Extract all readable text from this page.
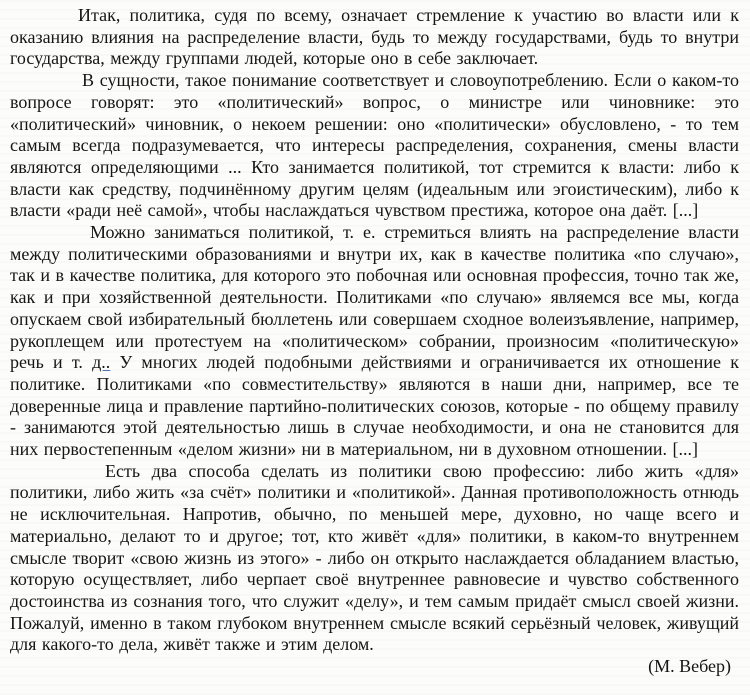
Итак, политика, судя по всему, означает стремление к участию во власти или к оказанию влияния на распределение власти, будь то между государствами, будь то внутри государства, между группами людей, которые оно в себе заключает.

В сущности, такое понимание соответствует и словоупотреблению. Если о каком-то вопросе говорят: это «политический» вопрос, о министре или чиновнике: это «политический» чиновник, о некоем решении: оно «политически» обусловлено, - то тем самым всегда подразумевается, что интересы распределения, сохранения, смены власти являются определяющими ... Кто занимается политикой, тот стремится к власти: либо к власти как средству, подчинённому другим целям (идеальным или эгоистическим), либо к власти «ради неё самой», чтобы наслаждаться чувством престижа, которое она даёт. [...]

Можно заниматься политикой, т. е. стремиться влиять на распределение власти между политическими образованиями и внутри их, как в качестве политика «по случаю», так и в качестве политика, для которого это побочная или основная профессия, точно так же, как и при хозяйственной деятельности. Политиками «по случаю» являемся все мы, когда опускаем свой избирательный бюллетень или совершаем сходное волеизъявление, например, рукоплещем или протестуем на «политическом» собрании, произносим «политическую» речь и т. д.. У многих людей подобными действиями и ограничивается их отношение к политике. Политиками «по совместительству» являются в наши дни, например, все те доверенные лица и правление партийно-политических союзов, которые - по общему правилу - занимаются этой деятельностью лишь в случае необходимости, и она не становится для них первостепенным «делом жизни» ни в материальном, ни в духовном отношении. [...]

Есть два способа сделать из политики свою профессию: либо жить «для» политики, либо жить «за счёт» политики и «политикой». Данная противоположность отнюдь не исключительная. Напротив, обычно, по меньшей мере, духовно, но чаще всего и материально, делают то и другое; тот, кто живёт «для» политики, в каком-то внутреннем смысле творит «свою жизнь из этого» - либо он открыто наслаждается обладанием властью, которую осуществляет, либо черпает своё внутреннее равновесие и чувство собственного достоинства из сознания того, что служит «делу», и тем самым придаёт смысл своей жизни. Пожалуй, именно в таком глубоком внутреннем смысле всякий серьёзный человек, живущий для какого-то дела, живёт также и этим делом.

(М. Вебер)
